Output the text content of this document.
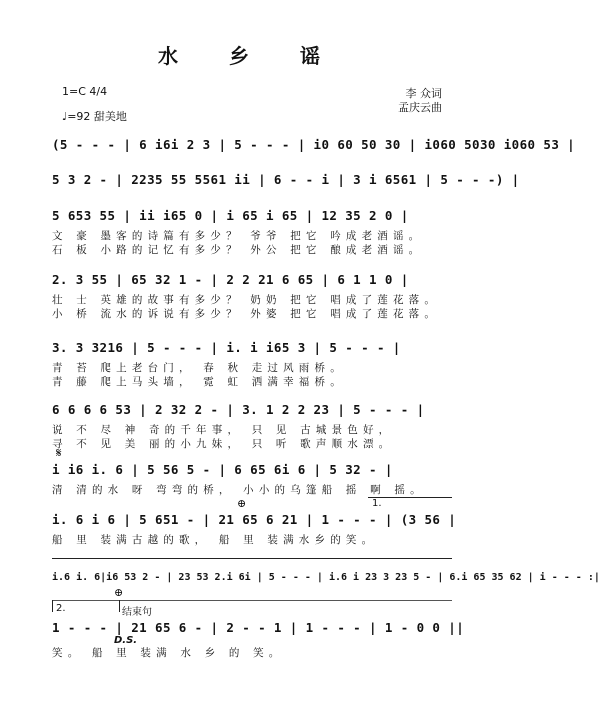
水 乡 谣
1=C 4/4
♩=92 甜美地
李 众词
孟庆云曲
(5 - - - | 6 i6i 2 3 | 5 - - - | i0 60 50 30 | i060 5030 i060 53 |
5 3 2 - | 2235 55 5561 ii | 6 - - i | 3 i 6561 | 5 - - -) |
5 653 55 | ii i65 0 | i 65 i 65 | 12 35 2 0 |
文 豪 墨客的诗篇有多少？ 爷爷 把它 吟成老酒谣。
石 板 小路的记忆有多少？ 外公 把它 酿成老酒谣。
2. 3 55 | 65 32 1 - | 2 2 21 6 65 | 6 1 1 0 |
壮 士 英雄的故事有多少？ 奶奶 把它 唱成了莲花落。
小 桥 流水的诉说有多少？ 外婆 把它 唱成了莲花落。
3. 3 3216 | 5 - - - | i. i i65 3 | 5 - - - |
青 苔 爬上老台门， 春 秋 走过风雨桥。
青 藤 爬上马头墙， 霓 虹 洒满幸福桥。
6 6 6 6 53 | 2 32 2 - | 3. 1 2 2 23 | 5 - - - |
说 不 尽 神 奇的千年事， 只 见 古城景色好，
寻 不 见 美 丽的小九妹， 只 听 歌声顺水漂。
𝄋
i i6 i. 6 | 5 56 5 - | 6 65 6i 6 | 5 32 - |
清 清的水 呀 弯弯的桥， 小小的乌篷船 摇 啊 摇。
⊕	1.
i. 6 i 6 | 5 651 - | 21 65 6 21 | 1 - - - | (3 56 |
船 里 装满古越的歌， 船 里 装满水乡的笑。
i.6 i. 6|i6 53 2 - | 23 53 2.i 6i | 5 - - - | i.6 i 23 3 23 5 - | 6.i 65 35 62 | i - - - :|
2.
⊕
结束句
1 - - - | 21 65 6 - | 2 - - 1 | 1 - - - | 1 - 0 0 ||
D.S.
笑。 船 里 装满 水 乡 的 笑。
